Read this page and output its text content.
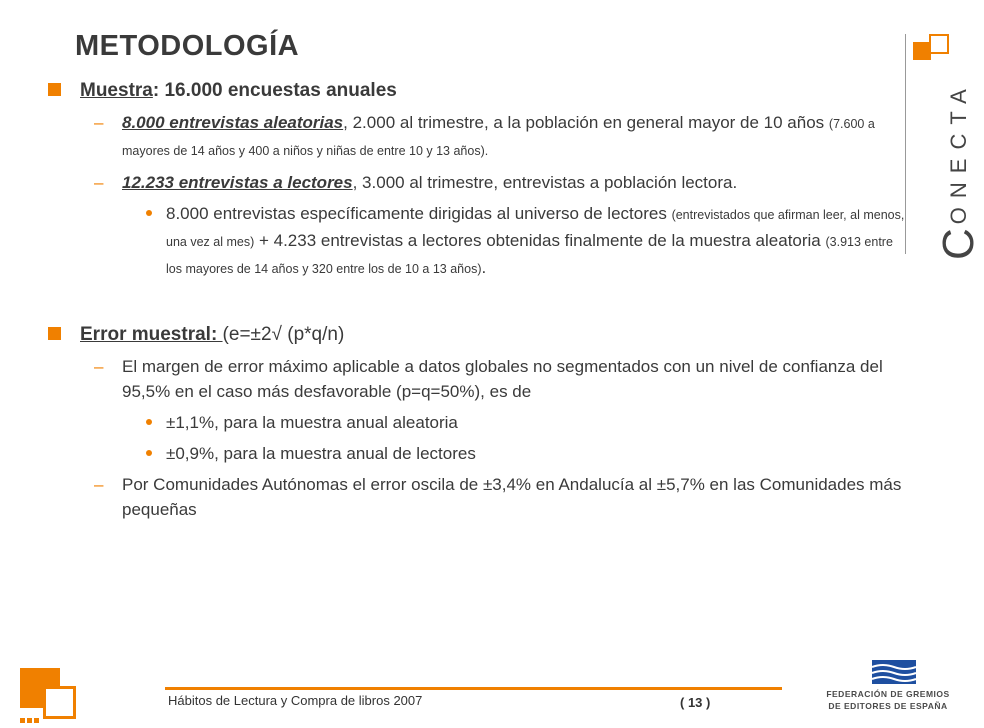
METODOLOGÍA
CONECTA
Muestra: 16.000 encuestas anuales
– 8.000 entrevistas aleatorias, 2.000 al trimestre, a la población en general mayor de 10 años (7.600 a mayores de 14 años y 400 a niños y niñas de entre 10 y 13 años).
– 12.233 entrevistas a lectores, 3.000 al trimestre, entrevistas a población lectora.
8.000 entrevistas específicamente dirigidas al universo de lectores (entrevistados que afirman leer, al menos, una vez al mes) + 4.233 entrevistas a lectores obtenidas finalmente de la muestra aleatoria (3.913 entre los mayores de 14 años y 320 entre los de 10 a 13 años).
Error muestral: (e=±2√ (p*q/n)
– El margen de error máximo aplicable a datos globales no segmentados con un nivel de confianza del 95,5% en el caso más desfavorable (p=q=50%), es de
±1,1%, para la muestra anual aleatoria
±0,9%, para la muestra anual de lectores
– Por Comunidades Autónomas el error oscila de ±3,4% en Andalucía al ±5,7% en las Comunidades más pequeñas
Hábitos de Lectura y Compra de libros 2007	( 13 )
FEDERACIÓN DE GREMIOS
DE EDITORES DE ESPAÑA
